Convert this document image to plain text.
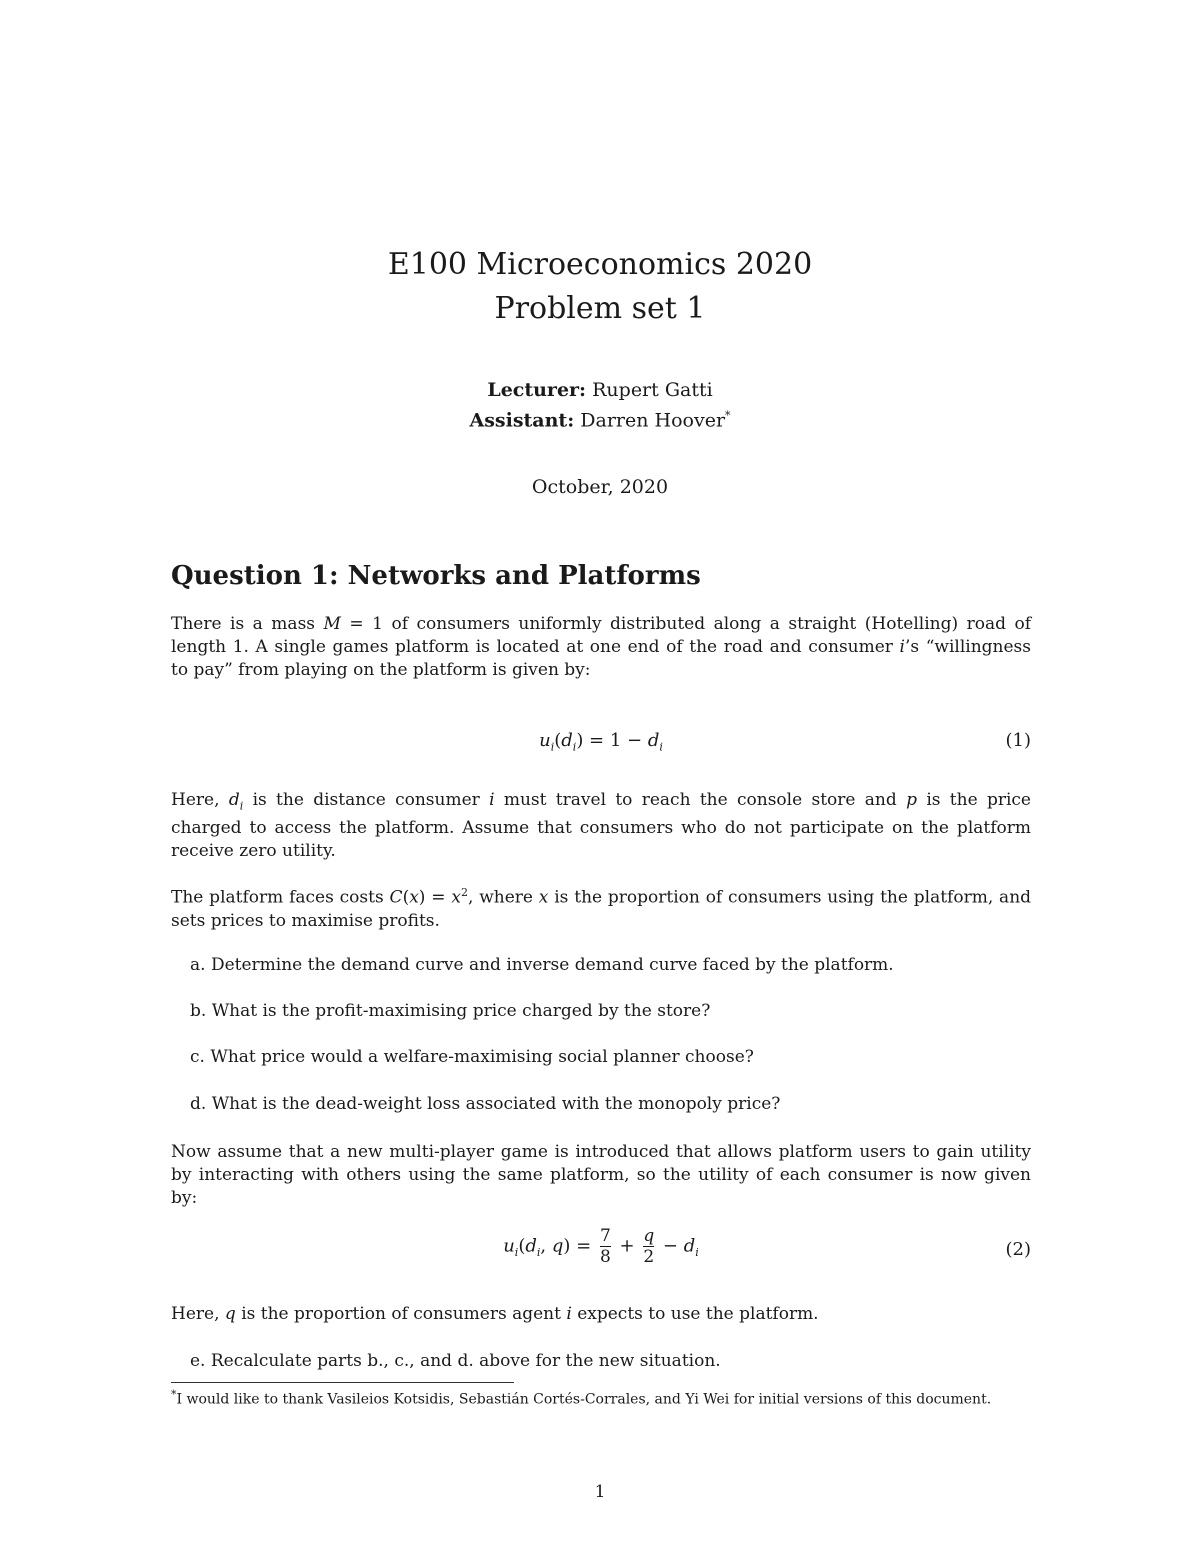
E100 Microeconomics 2020
Problem set 1
Lecturer: Rupert Gatti
Assistant: Darren Hoover*
October, 2020
Question 1: Networks and Platforms
There is a mass M = 1 of consumers uniformly distributed along a straight (Hotelling) road of length 1. A single games platform is located at one end of the road and consumer i’s “willingness to pay” from playing on the platform is given by:
$u_i(d_i) = 1 - d_i$	(1)
Here, $d_i$ is the distance consumer i must travel to reach the console store and p is the price charged to access the platform. Assume that consumers who do not participate on the platform receive zero utility.
The platform faces costs $C(x) = x^2$, where x is the proportion of consumers using the platform, and sets prices to maximise profits.
a. Determine the demand curve and inverse demand curve faced by the platform.
b. What is the profit-maximising price charged by the store?
c. What price would a welfare-maximising social planner choose?
d. What is the dead-weight loss associated with the monopoly price?
Now assume that a new multi-player game is introduced that allows platform users to gain utility by interacting with others using the same platform, so the utility of each consumer is now given by:
$u_i(d_i$, $q) = \frac{7}{8} + \frac{q}{2} - d_i$	(2)
Here, q is the proportion of consumers agent i expects to use the platform.
e. Recalculate parts b., c., and d. above for the new situation.
*I would like to thank Vasileios Kotsidis, Sebastián Cortés-Corrales, and Yi Wei for initial versions of this document.
1
